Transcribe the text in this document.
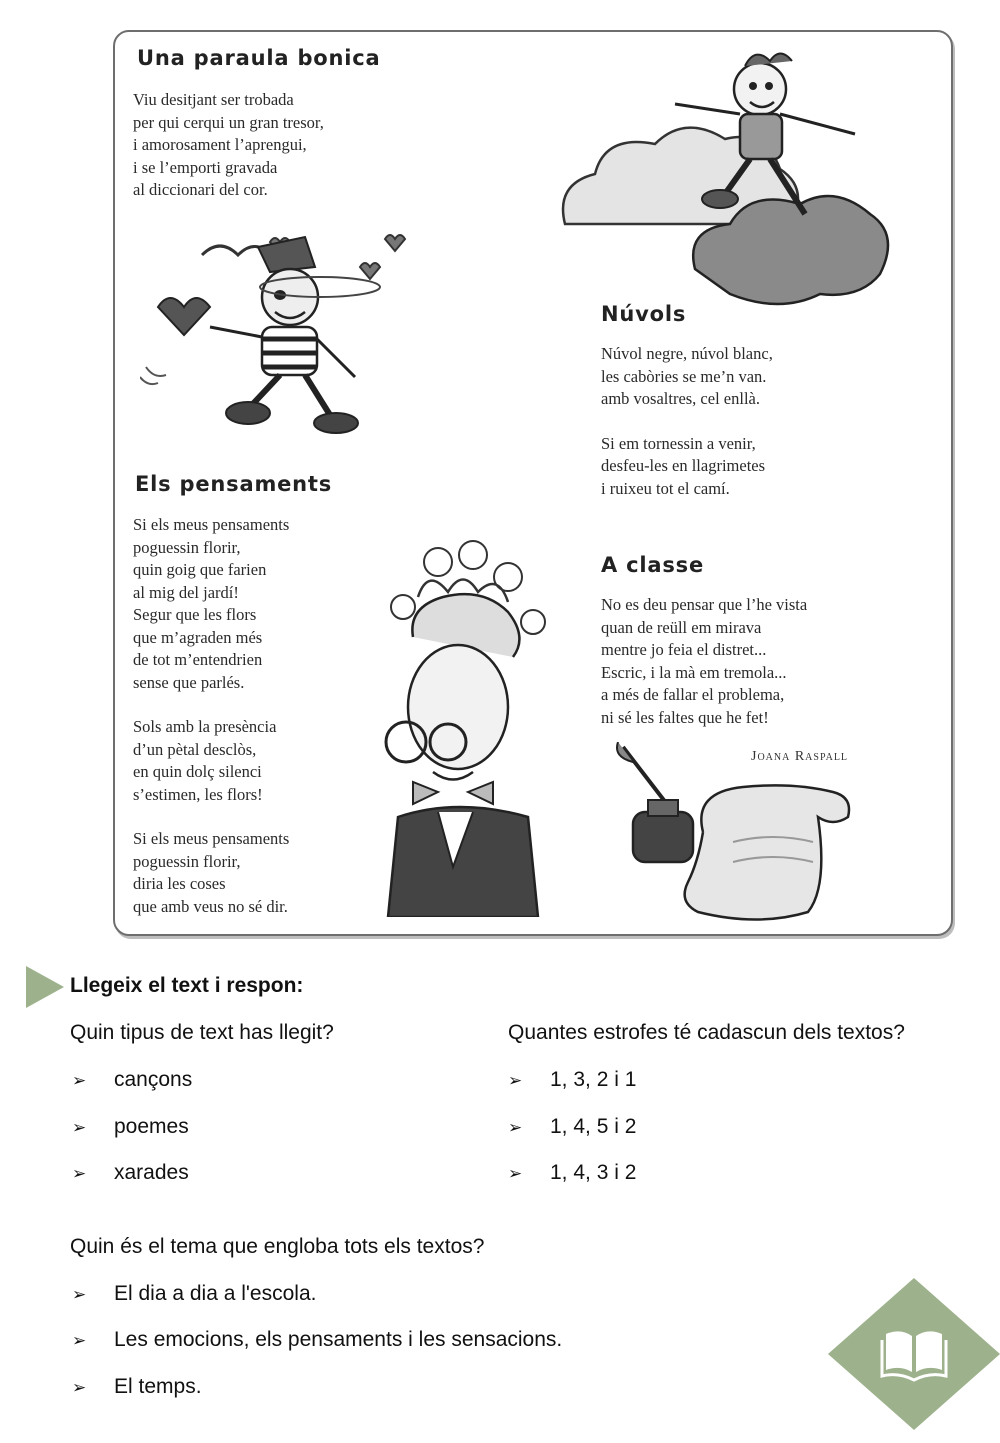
Una paraula bonica
Viu desitjant ser trobada
per qui cerqui un gran tresor,
i amorosament l’aprengui,
i se l’emporti gravada
al diccionari del cor.
Núvols
Núvol negre, núvol blanc,
les cabòries se me’n van.
amb vosaltres, cel enllà.
Si em tornessin a venir,
desfeu-les en llagrimetes
i ruixeu tot el camí.
Els pensaments
Si els meus pensaments
poguessin florir,
quin goig que farien
al mig del jardí!
Segur que les flors
que m’agraden més
de tot m’entendrien
sense que parlés.
Sols amb la presència
d’un pètal desclòs,
en quin dolç silenci
s’estimen, les flors!
Si els meus pensaments
poguessin florir,
diria les coses
que amb veus no sé dir.
A classe
No es deu pensar que l’he vista
quan de reüll em mirava
mentre jo feia el distret...
Escric, i la mà em tremola...
a més de fallar el problema,
ni sé les faltes que he fet!
Joana Raspall
Llegeix el text i respon:
Quin tipus de text has llegit?
➢ cançons
➢ poemes
➢ xarades
Quantes estrofes té cadascun dels textos?
➢ 1, 3, 2 i 1
➢ 1, 4, 5 i 2
➢ 1, 4, 3 i 2
Quin és el tema que engloba tots els textos?
➢ El dia a dia a l'escola.
➢ Les emocions, els pensaments i les sensacions.
➢ El temps.
